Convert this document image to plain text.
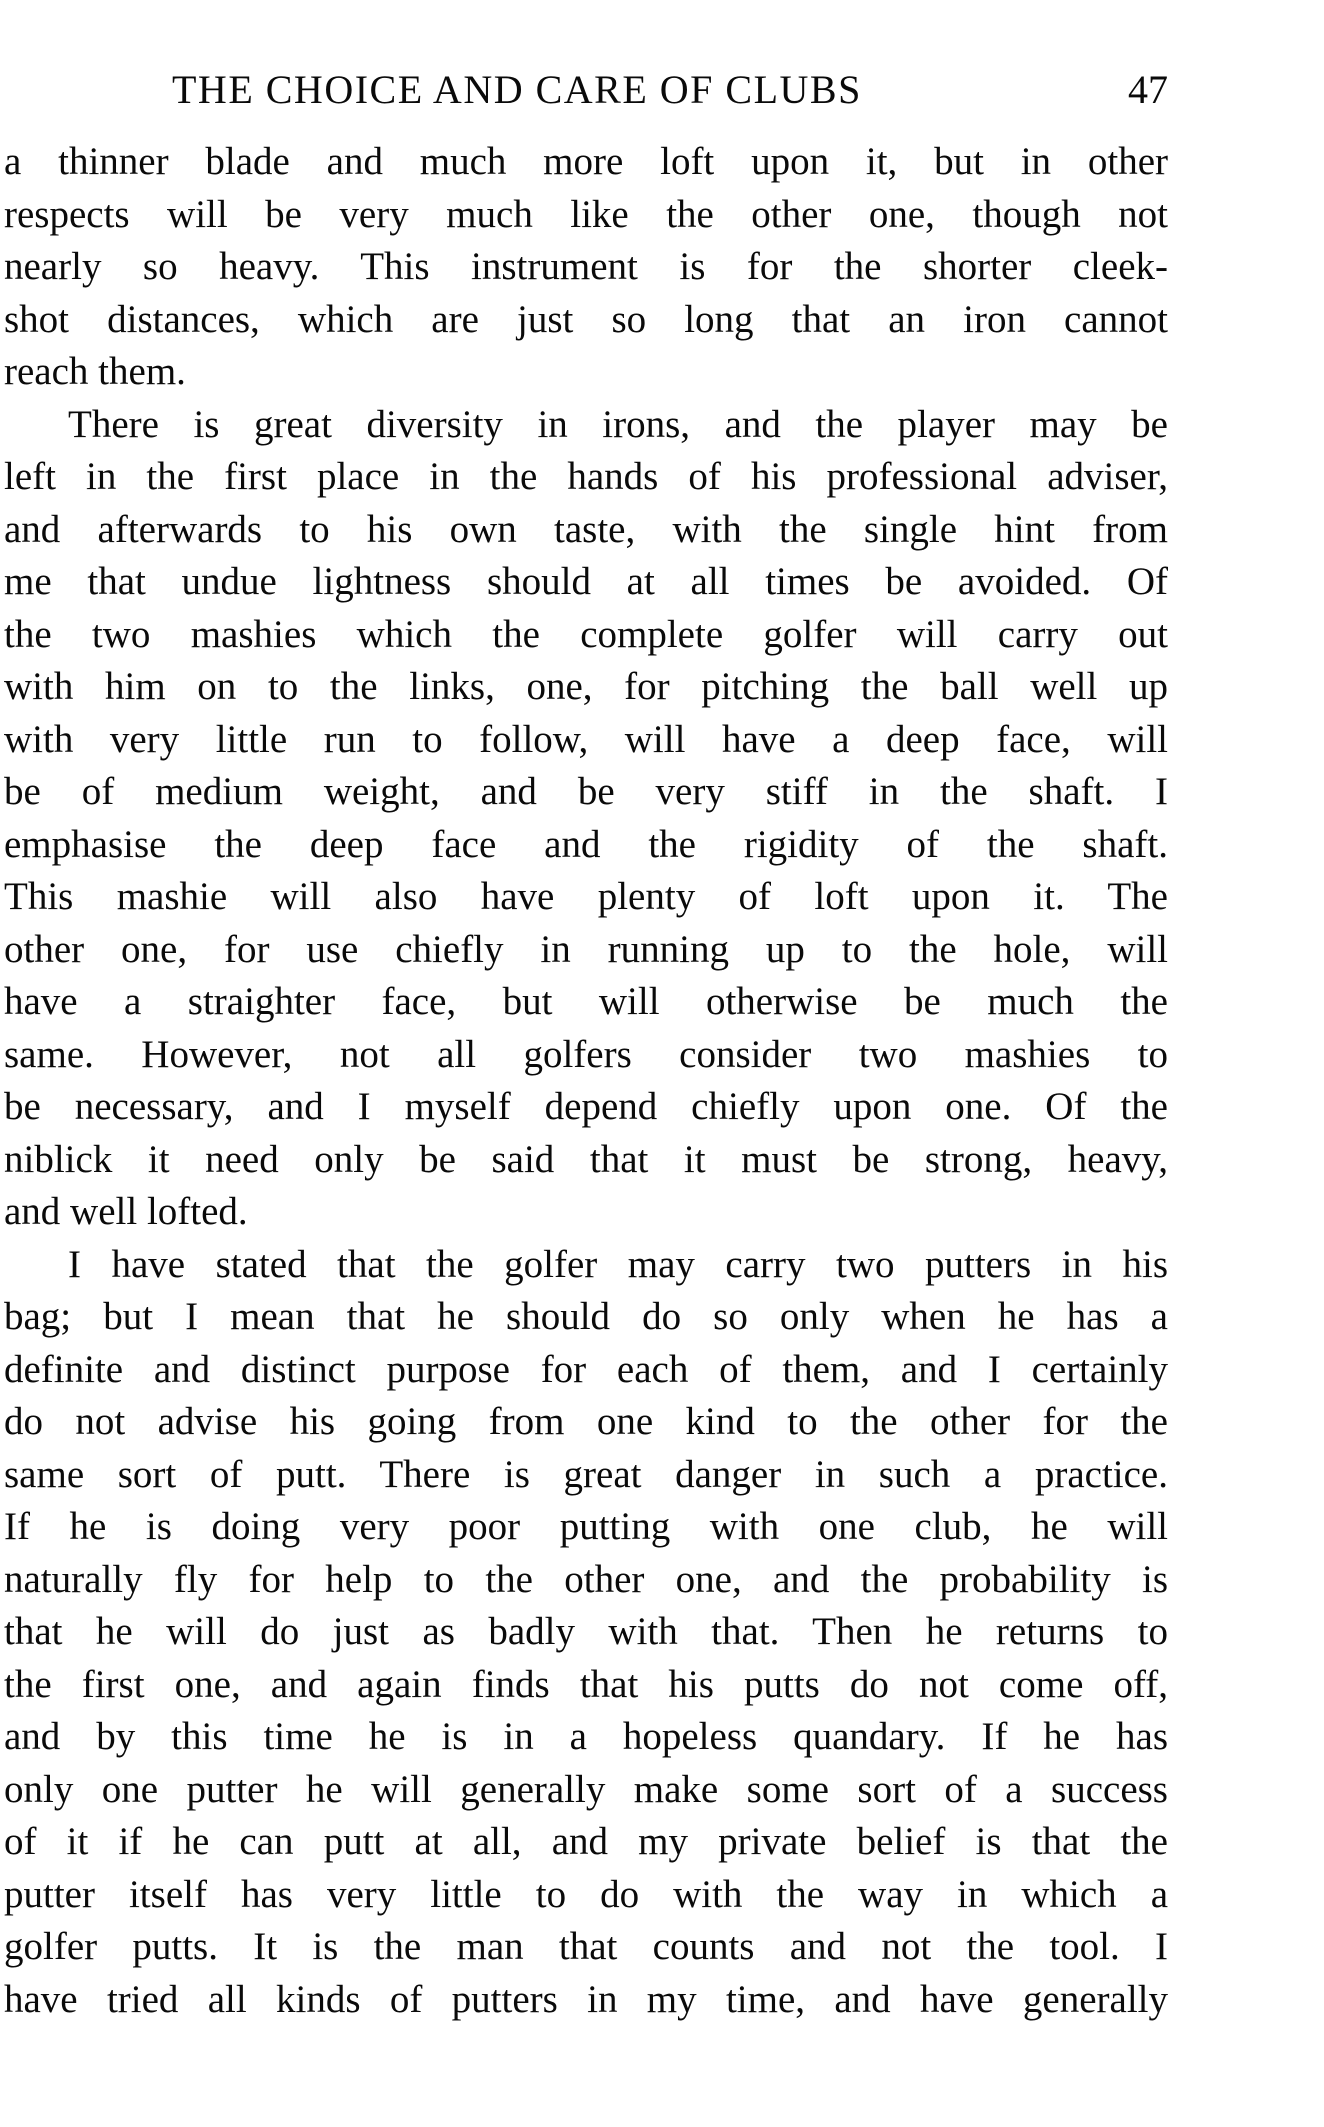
THE CHOICE AND CARE OF CLUBS	47
a thinner blade and much more loft upon it, but in other
respects will be very much like the other one, though not
nearly so heavy. This instrument is for the shorter cleek-
shot distances, which are just so long that an iron cannot
reach them.
There is great diversity in irons, and the player may be
left in the first place in the hands of his professional adviser,
and afterwards to his own taste, with the single hint from
me that undue lightness should at all times be avoided. Of
the two mashies which the complete golfer will carry out
with him on to the links, one, for pitching the ball well up
with very little run to follow, will have a deep face, will
be of medium weight, and be very stiff in the shaft. I
emphasise the deep face and the rigidity of the shaft.
This mashie will also have plenty of loft upon it. The
other one, for use chiefly in running up to the hole, will
have a straighter face, but will otherwise be much the
same. However, not all golfers consider two mashies to
be necessary, and I myself depend chiefly upon one. Of the
niblick it need only be said that it must be strong, heavy,
and well lofted.
I have stated that the golfer may carry two putters in his
bag; but I mean that he should do so only when he has a
definite and distinct purpose for each of them, and I certainly
do not advise his going from one kind to the other for the
same sort of putt. There is great danger in such a practice.
If he is doing very poor putting with one club, he will
naturally fly for help to the other one, and the probability is
that he will do just as badly with that. Then he returns to
the first one, and again finds that his putts do not come off,
and by this time he is in a hopeless quandary. If he has
only one putter he will generally make some sort of a success
of it if he can putt at all, and my private belief is that the
putter itself has very little to do with the way in which a
golfer putts. It is the man that counts and not the tool. I
have tried all kinds of putters in my time, and have generally
